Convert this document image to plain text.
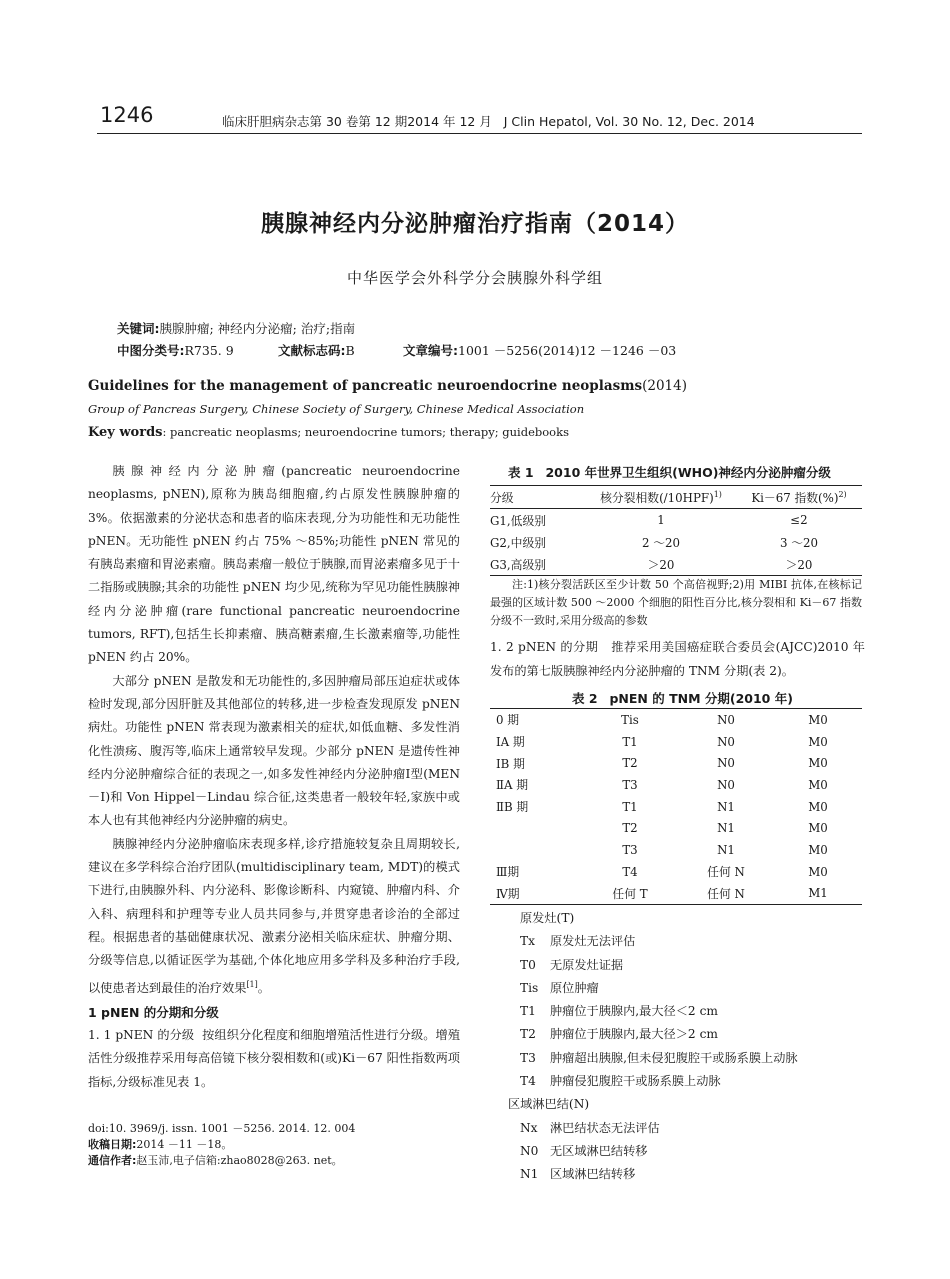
1246	临床肝胆病杂志第 30 卷第 12 期2014 年 12 月 J Clin Hepatol, Vol. 30 No. 12, Dec. 2014
胰腺神经内分泌肿瘤治疗指南（2014）
中华医学会外科学分会胰腺外科学组
关键词:胰腺肿瘤; 神经内分泌瘤; 治疗;指南
中图分类号:R735. 9	文献标志码:B	文章编号:1001 －5256(2014)12 －1246 －03
Guidelines for the management of pancreatic neuroendocrine neoplasms(2014)
Group of Pancreas Surgery, Chinese Society of Surgery, Chinese Medical Association
Key words: pancreatic neoplasms; neuroendocrine tumors; therapy; guidebooks

胰腺神经内分泌肿瘤(pancreatic neuroendocrine neoplasms, pNEN),原称为胰岛细胞瘤,约占原发性胰腺肿瘤的 3%。依据激素的分泌状态和患者的临床表现,分为功能性和无功能性 pNEN。无功能性 pNEN 约占 75% ～85%;功能性 pNEN 常见的有胰岛素瘤和胃泌素瘤。胰岛素瘤一般位于胰腺,而胃泌素瘤多见于十二指肠或胰腺;其余的功能性 pNEN 均少见,统称为罕见功能性胰腺神经内分泌肿瘤(rare functional pancreatic neuroendocrine tumors, RFT),包括生长抑素瘤、胰高糖素瘤,生长激素瘤等,功能性 pNEN 约占 20%。

大部分 pNEN 是散发和无功能性的,多因肿瘤局部压迫症状或体检时发现,部分因肝脏及其他部位的转移,进一步检查发现原发 pNEN 病灶。功能性 pNEN 常表现为激素相关的症状,如低血糖、多发性消化性溃疡、腹泻等,临床上通常较早发现。少部分 pNEN 是遗传性神经内分泌肿瘤综合征的表现之一,如多发性神经内分泌肿瘤Ⅰ型(MEN－Ⅰ)和 Von Hippel－Lindau 综合征,这类患者一般较年轻,家族中或本人也有其他神经内分泌肿瘤的病史。

胰腺神经内分泌肿瘤临床表现多样,诊疗措施较复杂且周期较长,建议在多学科综合治疗团队(multidisciplinary team, MDT)的模式下进行,由胰腺外科、内分泌科、影像诊断科、内窥镜、肿瘤内科、介入科、病理科和护理等专业人员共同参与,并贯穿患者诊治的全部过程。根据患者的基础健康状况、激素分泌相关临床症状、肿瘤分期、分级等信息,以循证医学为基础,个体化地应用多学科及多种治疗手段,以使患者达到最佳的治疗效果[1]。

1 pNEN 的分期和分级

1. 1 pNEN 的分级 按组织分化程度和细胞增殖活性进行分级。增殖活性分级推荐采用每高倍镜下核分裂相数和(或)Ki－67 阳性指数两项指标,分级标准见表 1。

doi:10. 3969/j. issn. 1001 －5256. 2014. 12. 004
收稿日期:2014 －11 －18。
通信作者:赵玉沛,电子信箱:zhao8028@263. net。
表 1 2010 年世界卫生组织(WHO)神经内分泌肿瘤分级
分级	核分裂相数$(/10HPF)^{1)}$	Ki－67 指数(%)$^{2)}$
G1,低级别	1	≤2
G2,中级别	2 ～20	3 ～20
G3,高级别	＞20	＞20
注:1)核分裂活跃区至少计数 50 个高倍视野;2)用 MIBI 抗体,在核标记最强的区域计数 500 ～2000 个细胞的阳性百分比,核分裂相和 Ki－67 指数分级不一致时,采用分级高的参数
1. 2 pNEN 的分期 推荐采用美国癌症联合委员会(AJCC)2010 年发布的第七版胰腺神经内分泌肿瘤的 TNM 分期(表 2)。
表 2 pNEN 的 TNM 分期(2010 年)
0 期	Tis	N0	M0
ⅠA 期	T1	N0	M0
ⅠB 期	T2	N0	M0
ⅡA 期	T3	N0	M0
ⅡB 期	T1	N1	M0
	T2	N1	M0
	T3	N1	M0
Ⅲ期	T4	任何 N	M0
Ⅳ期	任何 T	任何 N	M1
原发灶(T)
Tx 原发灶无法评估
T0 无原发灶证据
Tis 原位肿瘤
T1 肿瘤位于胰腺内,最大径＜2 cm
T2 肿瘤位于胰腺内,最大径＞2 cm
T3 肿瘤超出胰腺,但未侵犯腹腔干或肠系膜上动脉
T4 肿瘤侵犯腹腔干或肠系膜上动脉
区域淋巴结(N)
Nx 淋巴结状态无法评估
N0 无区域淋巴结转移
N1 区域淋巴结转移
